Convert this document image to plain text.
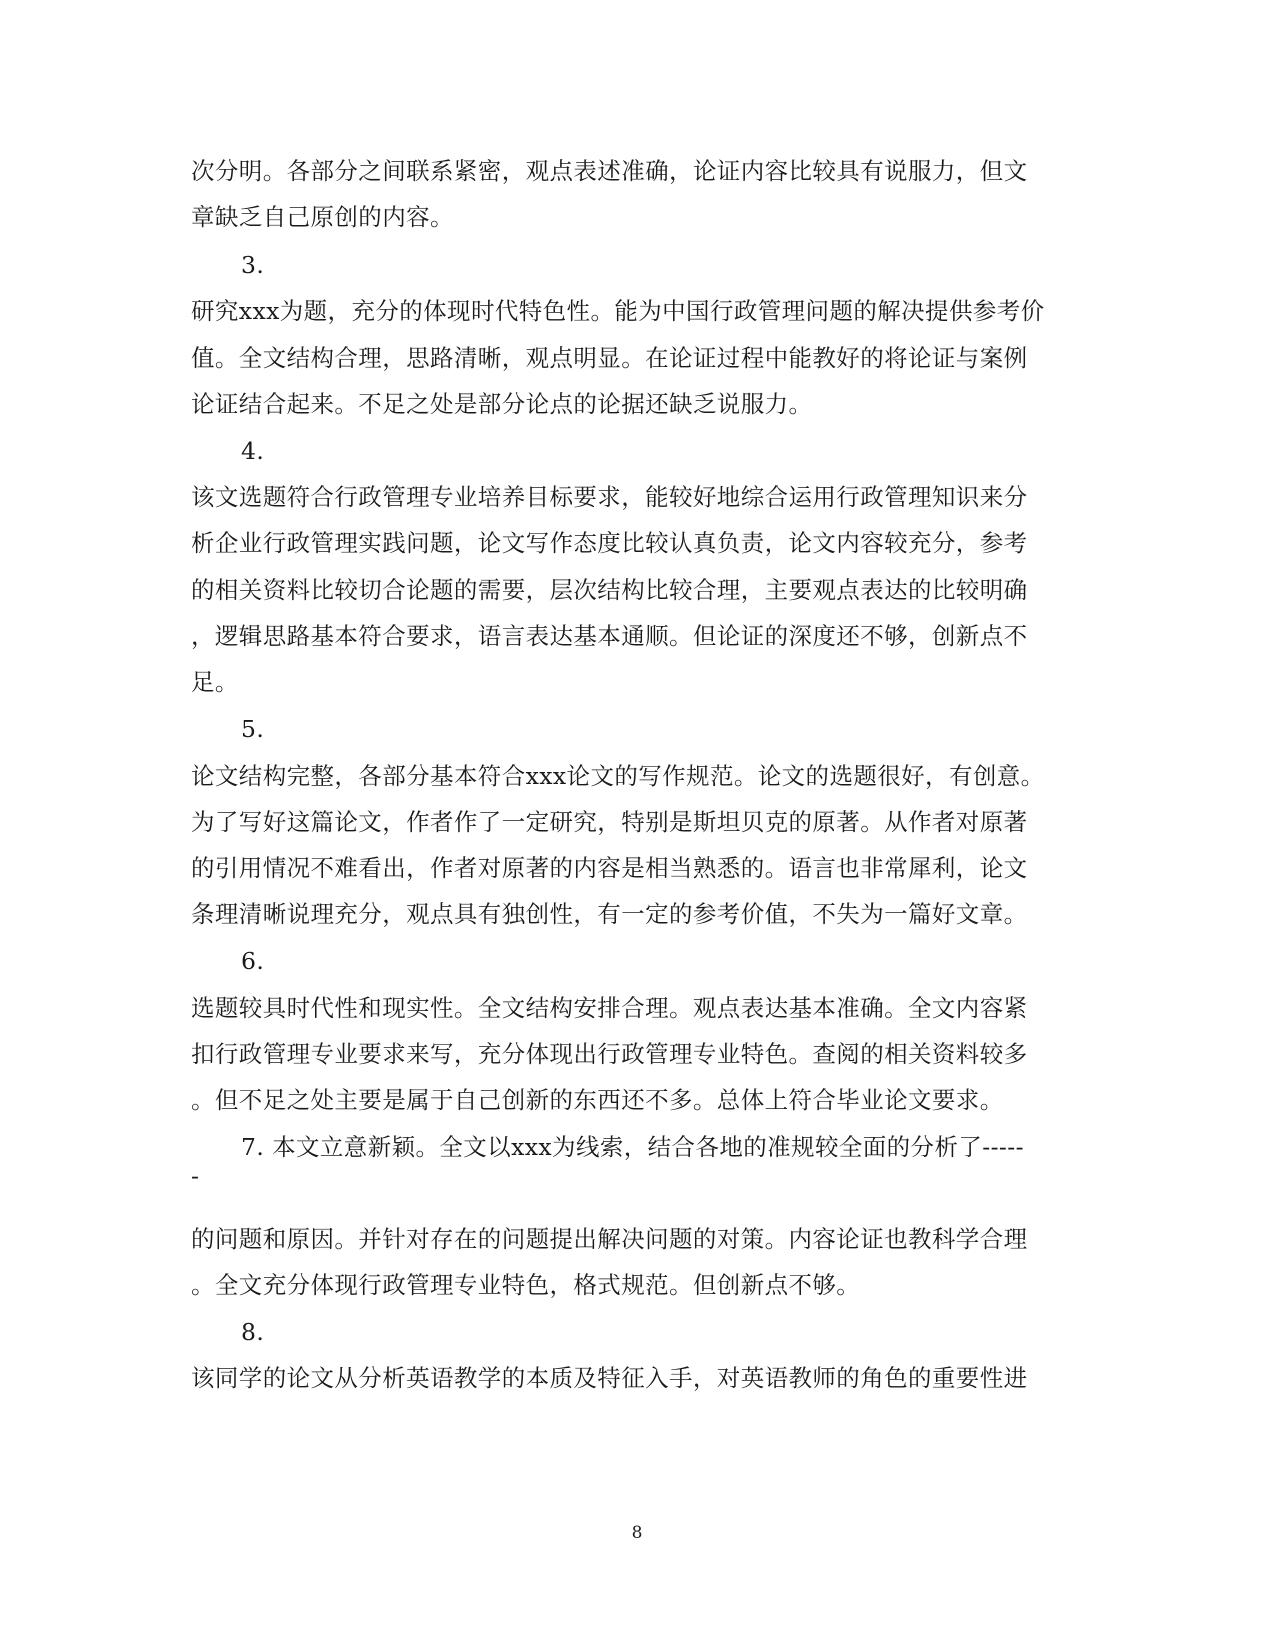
次分明。各部分之间联系紧密，观点表述准确，论证内容比较具有说服力，但文
章缺乏自己原创的内容。
3.
研究xxx为题，充分的体现时代特色性。能为中国行政管理问题的解决提供参考价
值。全文结构合理，思路清晰，观点明显。在论证过程中能教好的将论证与案例
论证结合起来。不足之处是部分论点的论据还缺乏说服力。
4.
该文选题符合行政管理专业培养目标要求，能较好地综合运用行政管理知识来分
析企业行政管理实践问题，论文写作态度比较认真负责，论文内容较充分，参考
的相关资料比较切合论题的需要，层次结构比较合理，主要观点表达的比较明确
，逻辑思路基本符合要求，语言表达基本通顺。但论证的深度还不够，创新点不
足。
5.
论文结构完整，各部分基本符合xxx论文的写作规范。论文的选题很好，有创意。
为了写好这篇论文，作者作了一定研究，特别是斯坦贝克的原著。从作者对原著
的引用情况不难看出，作者对原著的内容是相当熟悉的。语言也非常犀利，论文
条理清晰说理充分，观点具有独创性，有一定的参考价值，不失为一篇好文章。
6.
选题较具时代性和现实性。全文结构安排合理。观点表达基本准确。全文内容紧
扣行政管理专业要求来写，充分体现出行政管理专业特色。查阅的相关资料较多
。但不足之处主要是属于自己创新的东西还不多。总体上符合毕业论文要求。
7. 本文立意新颖。全文以xxx为线索，结合各地的准规较全面的分析了-----
-
的问题和原因。并针对存在的问题提出解决问题的对策。内容论证也教科学合理
。全文充分体现行政管理专业特色，格式规范。但创新点不够。
8.
该同学的论文从分析英语教学的本质及特征入手，对英语教师的角色的重要性进
8
